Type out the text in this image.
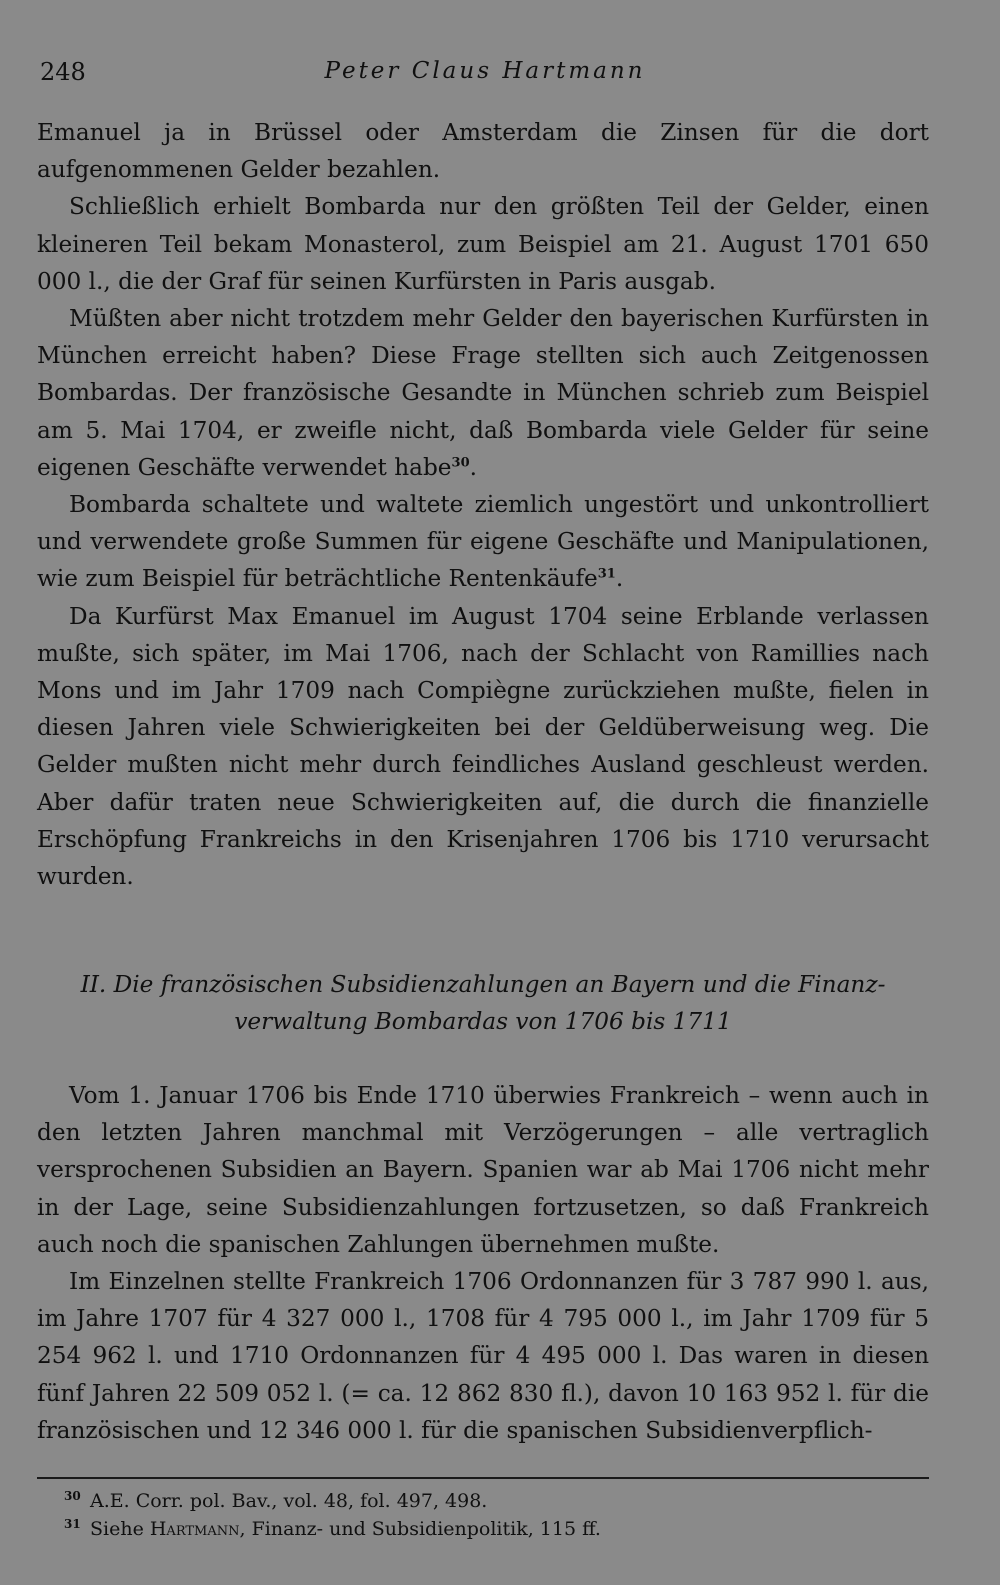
248	Peter Claus Hartmann

Emanuel ja in Brüssel oder Amsterdam die Zinsen für die dort aufgenommenen Gelder bezahlen.

Schließlich erhielt Bombarda nur den größten Teil der Gelder, einen kleineren Teil bekam Monasterol, zum Beispiel am 21. August 1701 650 000 l., die der Graf für seinen Kurfürsten in Paris ausgab.

Müßten aber nicht trotzdem mehr Gelder den bayerischen Kurfürsten in München erreicht haben? Diese Frage stellten sich auch Zeitgenossen Bombardas. Der französische Gesandte in München schrieb zum Beispiel am 5. Mai 1704, er zweifle nicht, daß Bombarda viele Gelder für seine eigenen Geschäfte verwendet habe$^{30}$.

Bombarda schaltete und waltete ziemlich ungestört und unkontrolliert und verwendete große Summen für eigene Geschäfte und Manipulationen, wie zum Beispiel für beträchtliche Rentenkäufe$^{31}$.

Da Kurfürst Max Emanuel im August 1704 seine Erblande verlassen mußte, sich später, im Mai 1706, nach der Schlacht von Ramillies nach Mons und im Jahr 1709 nach Compiègne zurückziehen mußte, fielen in diesen Jahren viele Schwierigkeiten bei der Geldüberweisung weg. Die Gelder mußten nicht mehr durch feindliches Ausland geschleust werden. Aber dafür traten neue Schwierigkeiten auf, die durch die finanzielle Erschöpfung Frankreichs in den Krisenjahren 1706 bis 1710 verursacht wurden.

II. Die französischen Subsidienzahlungen an Bayern und die Finanz-
verwaltung Bombardas von 1706 bis 1711

Vom 1. Januar 1706 bis Ende 1710 überwies Frankreich – wenn auch in den letzten Jahren manchmal mit Verzögerungen – alle vertraglich versprochenen Subsidien an Bayern. Spanien war ab Mai 1706 nicht mehr in der Lage, seine Subsidienzahlungen fortzusetzen, so daß Frankreich auch noch die spanischen Zahlungen übernehmen mußte.

Im Einzelnen stellte Frankreich 1706 Ordonnanzen für 3 787 990 l. aus, im Jahre 1707 für 4 327 000 l., 1708 für 4 795 000 l., im Jahr 1709 für 5 254 962 l. und 1710 Ordonnanzen für 4 495 000 l. Das waren in diesen fünf Jahren 22 509 052 l. (= ca. 12 862 830 fl.), davon 10 163 952 l. für die französischen und 12 346 000 l. für die spanischen Subsidienverpflich-

30 A.E. Corr. pol. Bav., vol. 48, fol. 497, 498.
31 Siehe Hartmann, Finanz- und Subsidienpolitik, 115 ff.
